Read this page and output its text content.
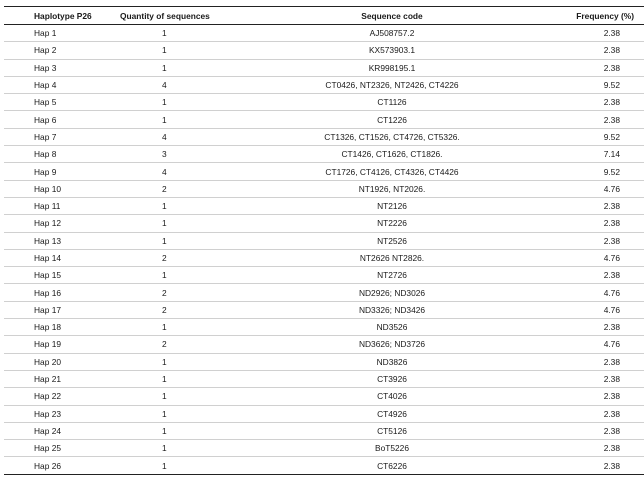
Haplotype P26	Quantity of sequences	Sequence code	Frequency (%)
Hap 1	1	AJ508757.2	2.38
Hap 2	1	KX573903.1	2.38
Hap 3	1	KR998195.1	2.38
Hap 4	4	CT0426, NT2326, NT2426, CT4226	9.52
Hap 5	1	CT1126	2.38
Hap 6	1	CT1226	2.38
Hap 7	4	CT1326, CT1526, CT4726, CT5326.	9.52
Hap 8	3	CT1426, CT1626, CT1826.	7.14
Hap 9	4	CT1726, CT4126, CT4326, CT4426	9.52
Hap 10	2	NT1926, NT2026.	4.76
Hap 11	1	NT2126	2.38
Hap 12	1	NT2226	2.38
Hap 13	1	NT2526	2.38
Hap 14	2	NT2626 NT2826.	4.76
Hap 15	1	NT2726	2.38
Hap 16	2	ND2926; ND3026	4.76
Hap 17	2	ND3326; ND3426	4.76
Hap 18	1	ND3526	2.38
Hap 19	2	ND3626; ND3726	4.76
Hap 20	1	ND3826	2.38
Hap 21	1	CT3926	2.38
Hap 22	1	CT4026	2.38
Hap 23	1	CT4926	2.38
Hap 24	1	CT5126	2.38
Hap 25	1	BoT5226	2.38
Hap 26	1	CT6226	2.38
